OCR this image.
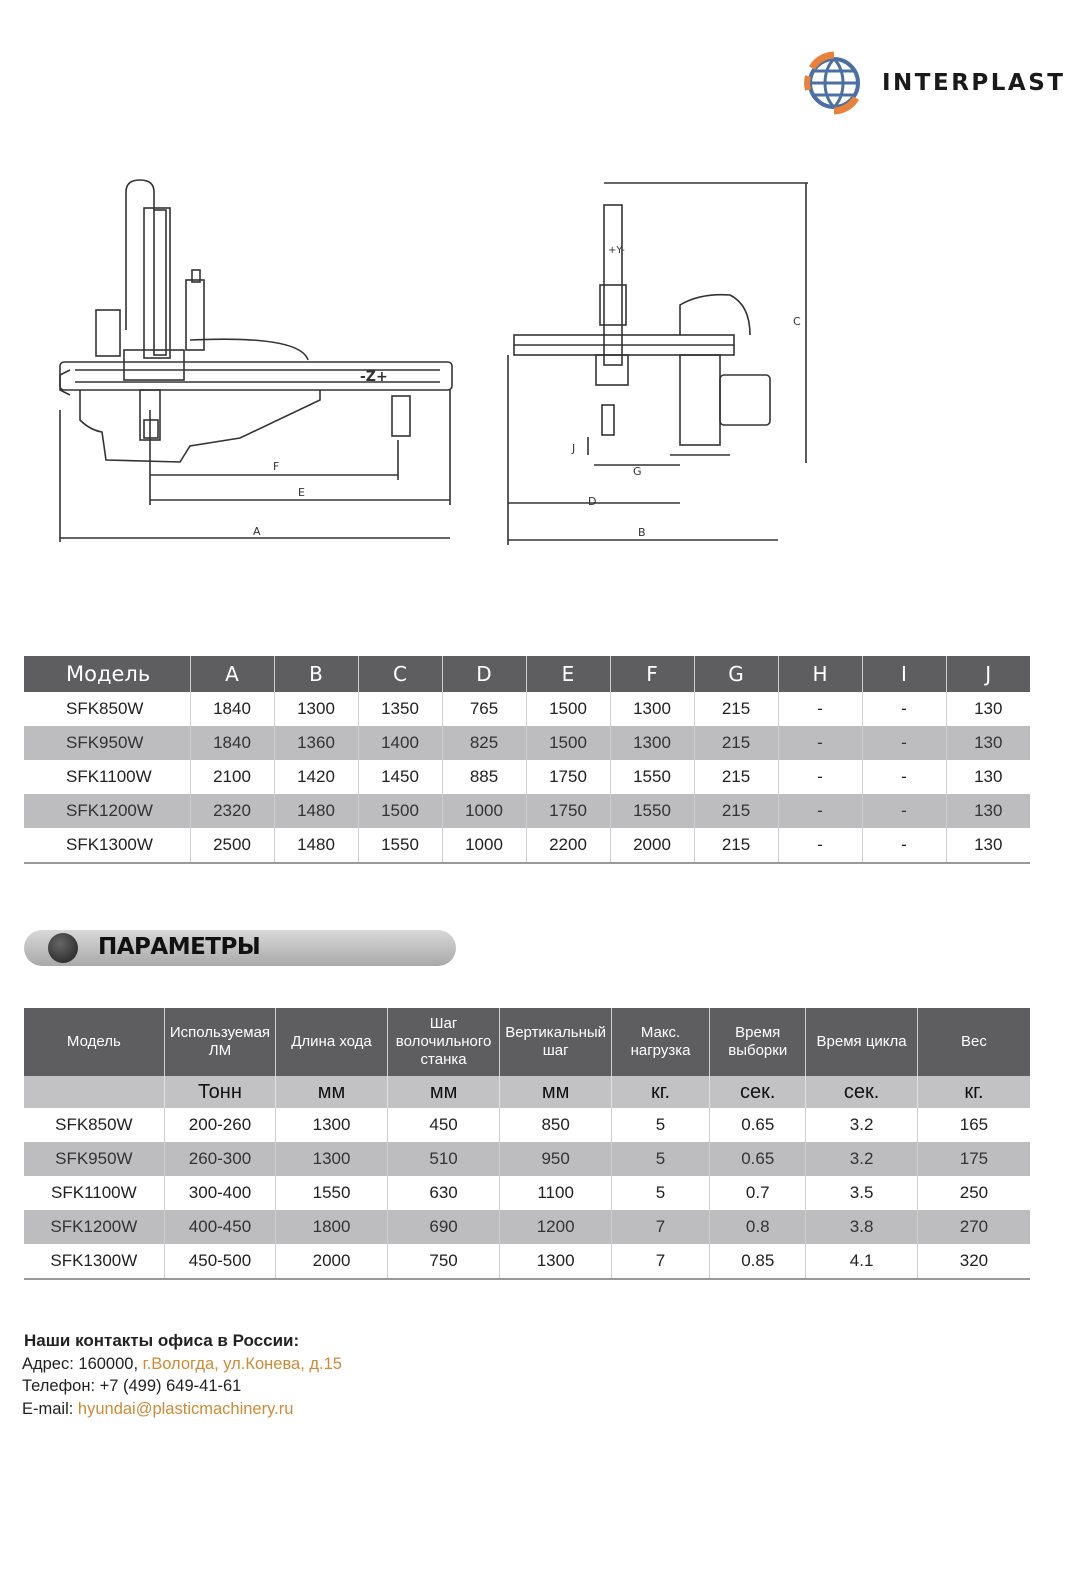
INTERPLAST
F
E
A
-Z+
C
J
G
D
B
+Y-
Модель	A	B	C	D	E	F	G	H	I	J
SFK850W	1840	1300	1350	765	1500	1300	215	-	-	130
SFK950W	1840	1360	1400	825	1500	1300	215	-	-	130
SFK1100W	2100	1420	1450	885	1750	1550	215	-	-	130
SFK1200W	2320	1480	1500	1000	1750	1550	215	-	-	130
SFK1300W	2500	1480	1550	1000	2200	2000	215	-	-	130
ПАРАМЕТРЫ
Модель	Используемая ЛМ	Длина хода	Шаг волочильного станка	Вертикальный шаг	Макс. нагрузка	Время выборки	Время цикла	Вес
	Тонн	мм	мм	мм	кг.	сек.	сек.	кг.
SFK850W	200-260	1300	450	850	5	0.65	3.2	165
SFK950W	260-300	1300	510	950	5	0.65	3.2	175
SFK1100W	300-400	1550	630	1100	5	0.7	3.5	250
SFK1200W	400-450	1800	690	1200	7	0.8	3.8	270
SFK1300W	450-500	2000	750	1300	7	0.85	4.1	320
Наши контакты офиса в России:
Адрес: 160000, г.Вологда, ул.Конева, д.15
Телефон: +7 (499) 649-41-61
E-mail: hyundai@plasticmachinery.ru
